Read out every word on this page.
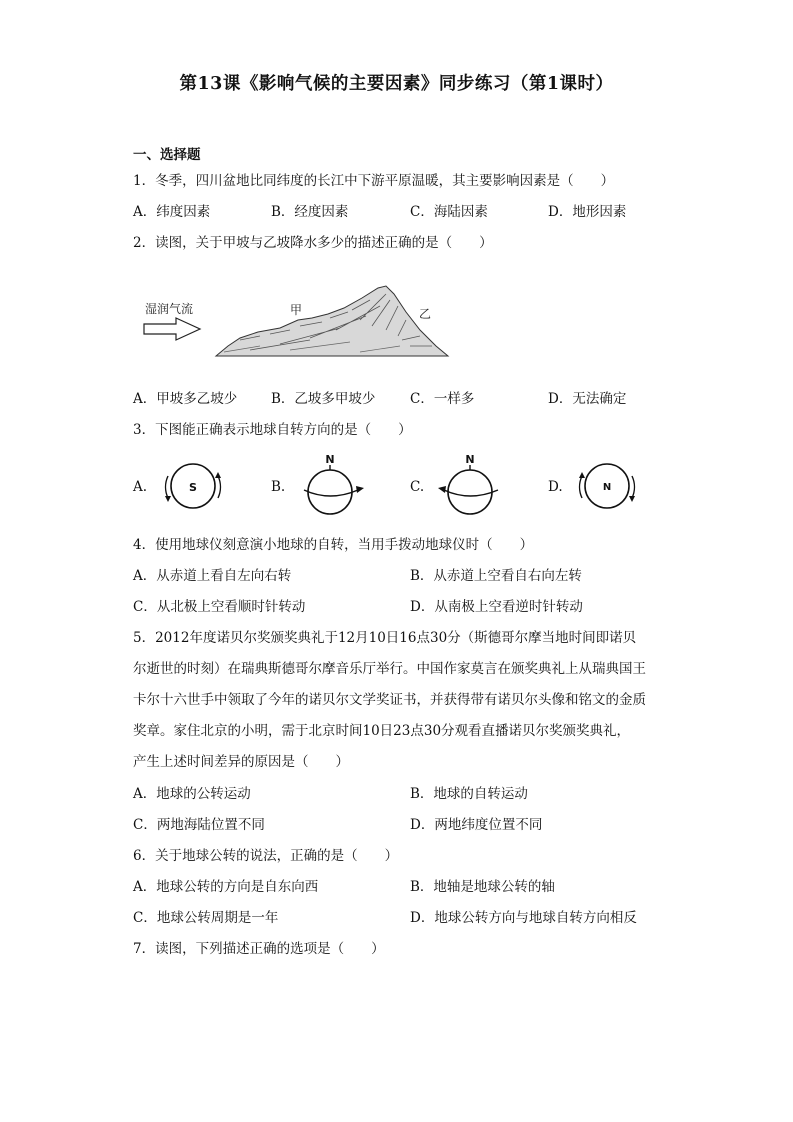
第13课《影响气候的主要因素》同步练习（第1课时）
一、选择题
1．冬季，四川盆地比同纬度的长江中下游平原温暖，其主要影响因素是（　　）
A．纬度因素	B．经度因素	C．海陆因素	D．地形因素
2．读图，关于甲坡与乙坡降水多少的描述正确的是（　　）
湿润气流	甲	乙
A．甲坡多乙坡少	B．乙坡多甲坡少	C．一样多	D．无法确定
3．下图能正确表示地球自转方向的是（　　）
A.	S	B.
N
C.
N
D.	N
4．使用地球仪刻意演小地球的自转，当用手拨动地球仪时（　　）
A．从赤道上看自左向右转	B．从赤道上空看自右向左转
C．从北极上空看顺时针转动	D．从南极上空看逆时针转动
5．2012年度诺贝尔奖颁奖典礼于12月10日16点30分（斯德哥尔摩当地时间即诺贝
尔逝世的时刻）在瑞典斯德哥尔摩音乐厅举行。中国作家莫言在颁奖典礼上从瑞典国王
卡尔十六世手中领取了今年的诺贝尔文学奖证书，并获得带有诺贝尔头像和铭文的金质
奖章。家住北京的小明，需于北京时间10日23点30分观看直播诺贝尔奖颁奖典礼，
产生上述时间差异的原因是（　　）
A．地球的公转运动	B．地球的自转运动
C．两地海陆位置不同	D．两地纬度位置不同
6．关于地球公转的说法，正确的是（　　）
A．地球公转的方向是自东向西	B．地轴是地球公转的轴
C．地球公转周期是一年	D．地球公转方向与地球自转方向相反
7．读图，下列描述正确的选项是（　　）
